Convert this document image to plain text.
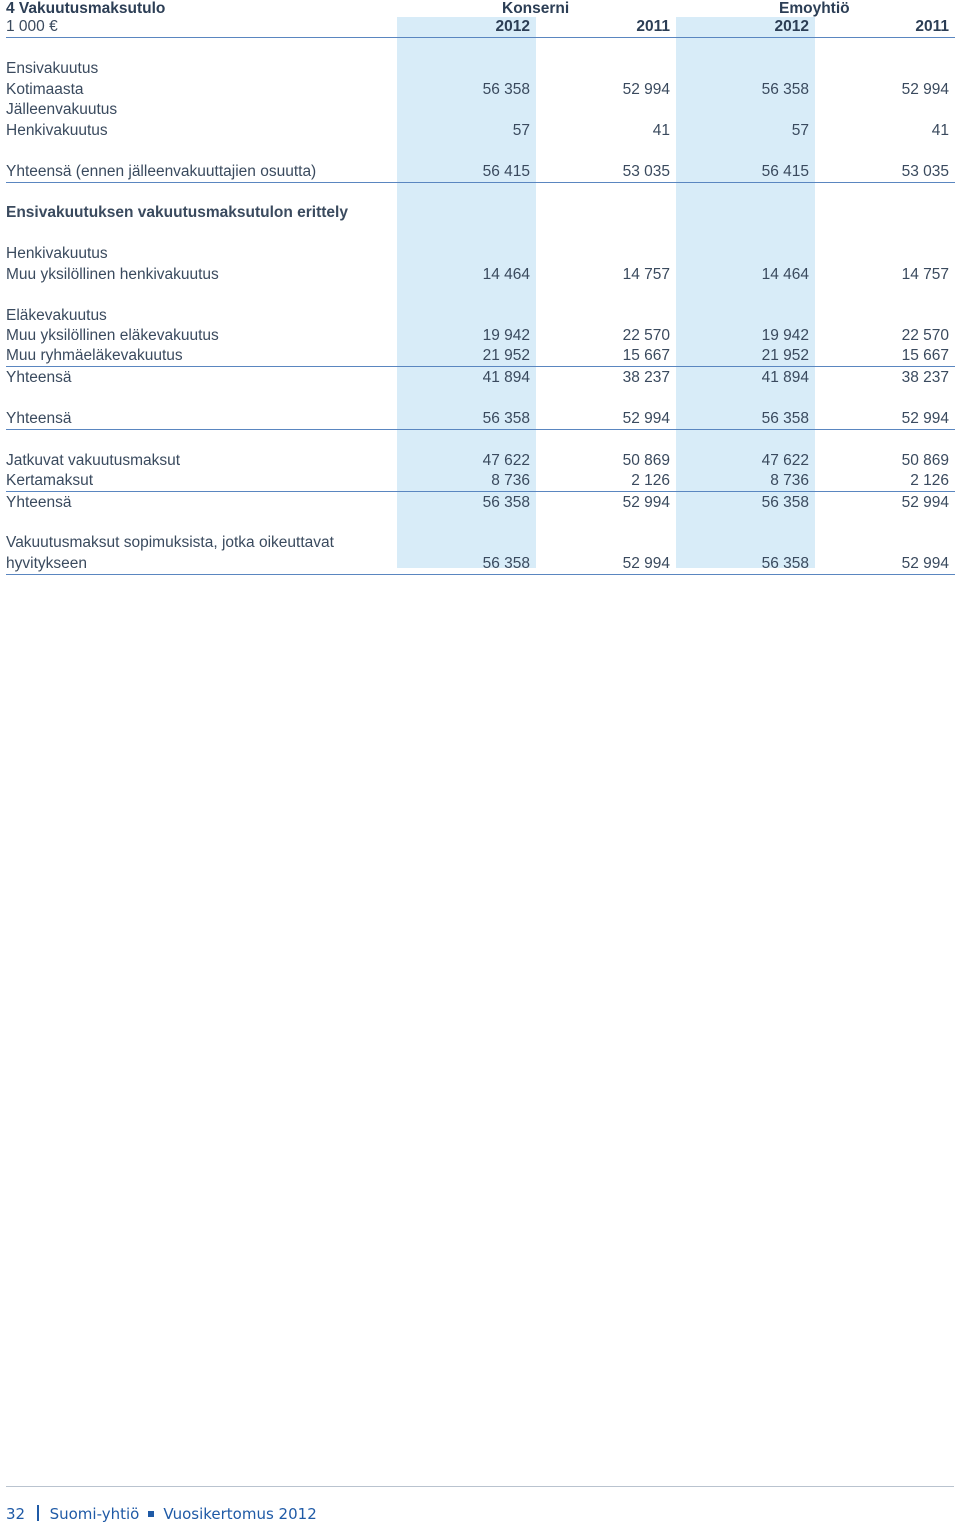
4 Vakuutusmaksutulo	Konserni	Emoyhtiö
1 000 €	2012	2011	2012	2011

Ensivakuutus				
Kotimaasta	56 358	52 994	56 358	52 994
Jälleenvakuutus				
Henkivakuutus	57	41	57	41

Yhteensä (ennen jälleenvakuuttajien osuutta)	56 415	53 035	56 415	53 035

Ensivakuutuksen vakuutusmaksutulon erittely				

Henkivakuutus				
Muu yksilöllinen henkivakuutus	14 464	14 757	14 464	14 757

Eläkevakuutus				
Muu yksilöllinen eläkevakuutus	19 942	22 570	19 942	22 570
Muu ryhmäeläkevakuutus	21 952	15 667	21 952	15 667
Yhteensä	41 894	38 237	41 894	38 237

Yhteensä	56 358	52 994	56 358	52 994

Jatkuvat vakuutusmaksut	47 622	50 869	47 622	50 869
Kertamaksut	8 736	2 126	8 736	2 126
Yhteensä	56 358	52 994	56 358	52 994

Vakuutusmaksut sopimuksista, jotka oikeuttavat				
hyvitykseen	56 358	52 994	56 358	52 994
32 Suomi-yhtiö Vuosikertomus 2012
